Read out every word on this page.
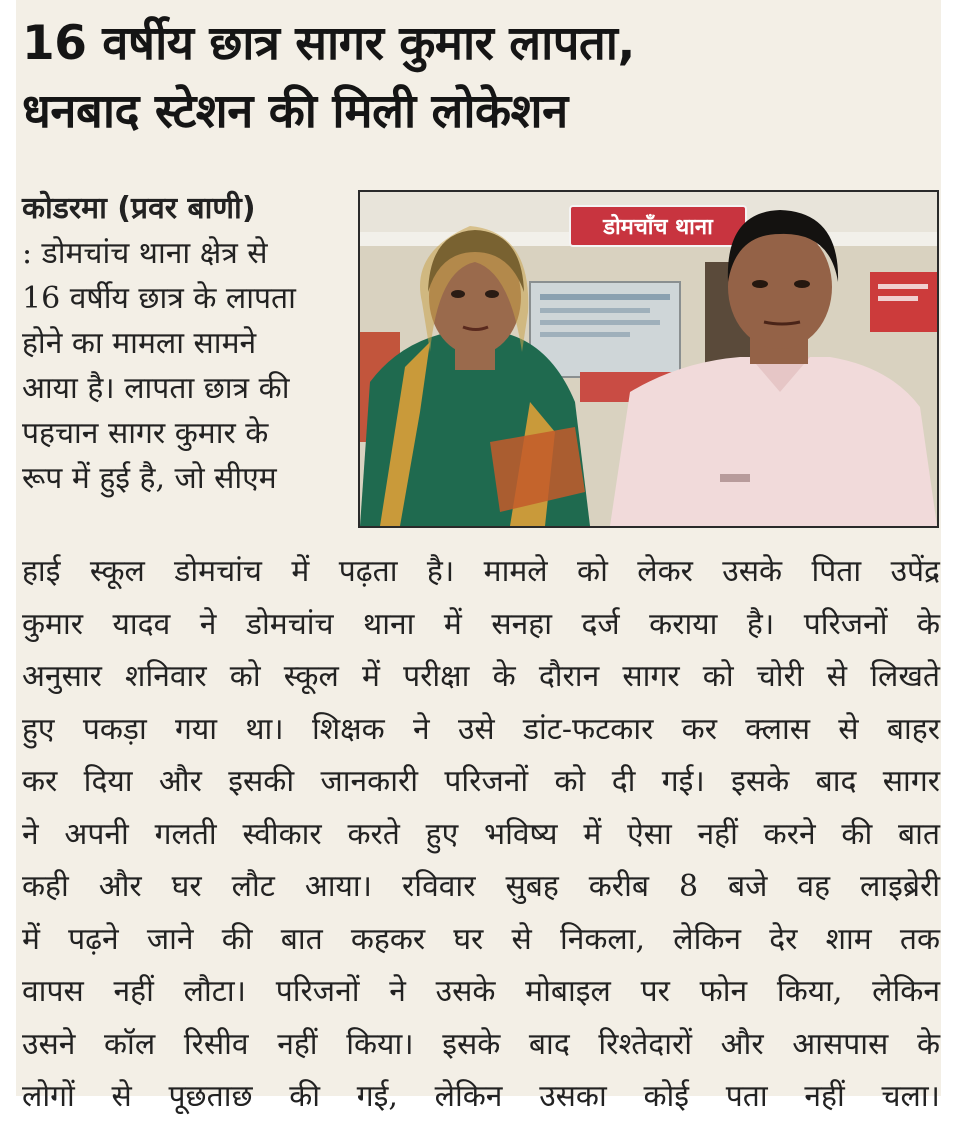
16 वर्षीय छात्र सागर कुमार लापता,
धनबाद स्टेशन की मिली लोकेशन
कोडरमा (प्रवर बाणी)
: डोमचांच थाना क्षेत्र से
16 वर्षीय छात्र के लापता
होने का मामला सामने
आया है। लापता छात्र की
पहचान सागर कुमार के
रूप में हुई है, जो सीएम
डोमचाँच थाना
हाई स्कूल डोमचांच में पढ़ता है। मामले को लेकर उसके पिता उपेंद्र
कुमार यादव ने डोमचांच थाना में सनहा दर्ज कराया है। परिजनों के
अनुसार शनिवार को स्कूल में परीक्षा के दौरान सागर को चोरी से लिखते
हुए पकड़ा गया था। शिक्षक ने उसे डांट-फटकार कर क्लास से बाहर
कर दिया और इसकी जानकारी परिजनों को दी गई। इसके बाद सागर
ने अपनी गलती स्वीकार करते हुए भविष्य में ऐसा नहीं करने की बात
कही और घर लौट आया। रविवार सुबह करीब 8 बजे वह लाइब्रेरी
में पढ़ने जाने की बात कहकर घर से निकला, लेकिन देर शाम तक
वापस नहीं लौटा। परिजनों ने उसके मोबाइल पर फोन किया, लेकिन
उसने कॉल रिसीव नहीं किया। इसके बाद रिश्तेदारों और आसपास के
लोगों से पूछताछ की गई, लेकिन उसका कोई पता नहीं चला।
